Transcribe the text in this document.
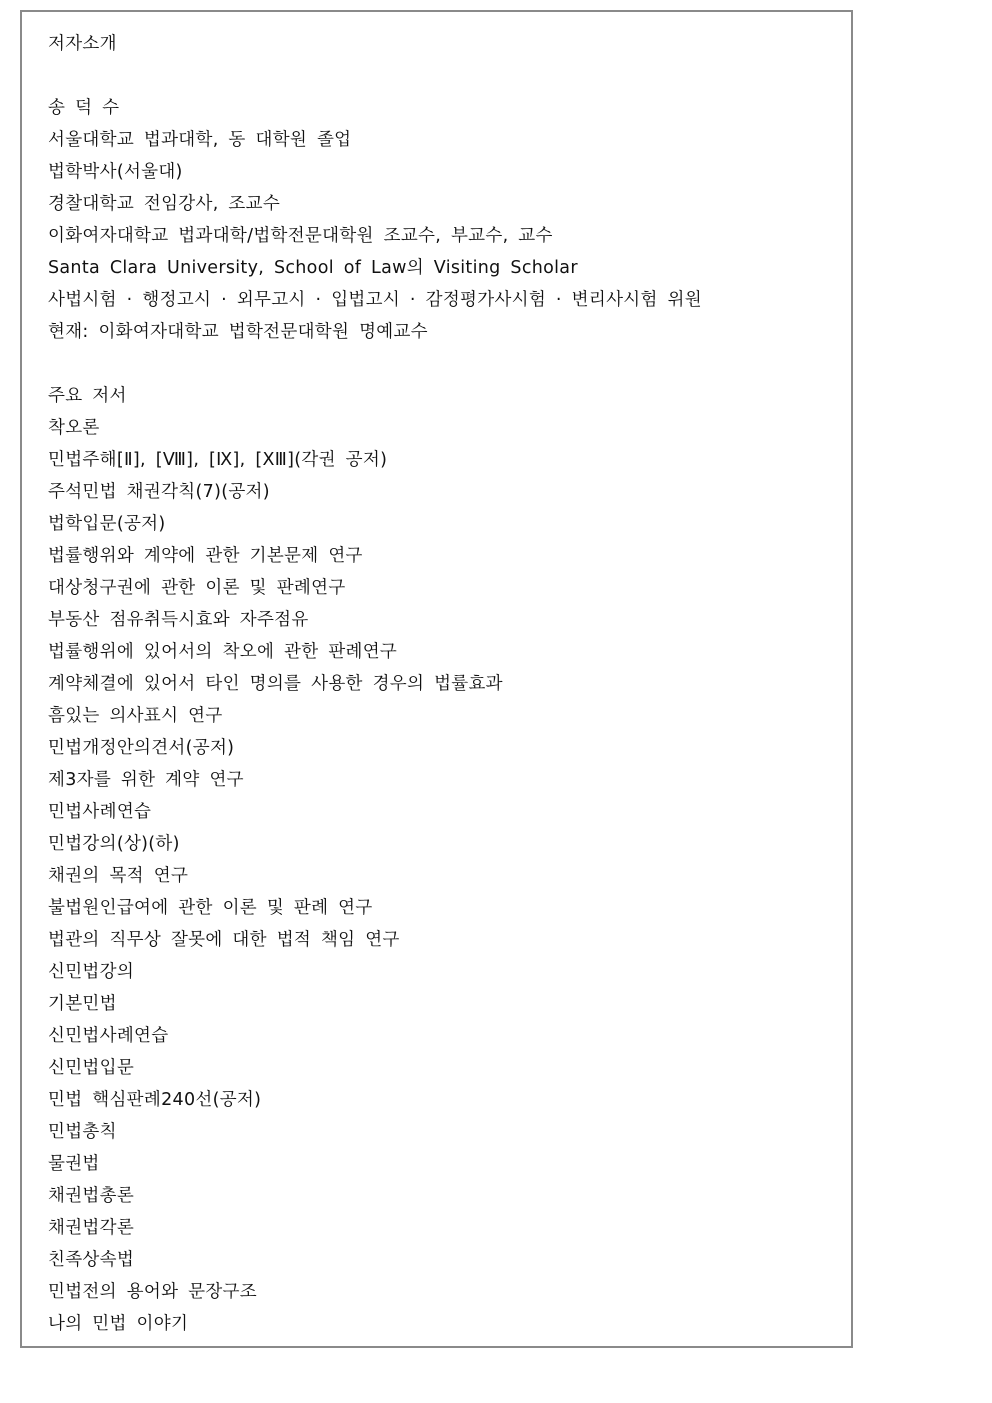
저자소개
송 덕 수
서울대학교 법과대학, 동 대학원 졸업
법학박사(서울대)
경찰대학교 전임강사, 조교수
이화여자대학교 법과대학/법학전문대학원 조교수, 부교수, 교수
Santa Clara University, School of Law의 Visiting Scholar
사법시험 · 행정고시 · 외무고시 · 입법고시 · 감정평가사시험 · 변리사시험 위원
현재: 이화여자대학교 법학전문대학원 명예교수
주요 저서
착오론
민법주해[Ⅱ], [Ⅷ], [Ⅸ], [ⅩⅢ](각권 공저)
주석민법 채권각칙(7)(공저)
법학입문(공저)
법률행위와 계약에 관한 기본문제 연구
대상청구권에 관한 이론 및 판례연구
부동산 점유취득시효와 자주점유
법률행위에 있어서의 착오에 관한 판례연구
계약체결에 있어서 타인 명의를 사용한 경우의 법률효과
흠있는 의사표시 연구
민법개정안의견서(공저)
제3자를 위한 계약 연구
민법사례연습
민법강의(상)(하)
채권의 목적 연구
불법원인급여에 관한 이론 및 판례 연구
법관의 직무상 잘못에 대한 법적 책임 연구
신민법강의
기본민법
신민법사례연습
신민법입문
민법 핵심판례240선(공저)
민법총칙
물권법
채권법총론
채권법각론
친족상속법
민법전의 용어와 문장구조
나의 민법 이야기
